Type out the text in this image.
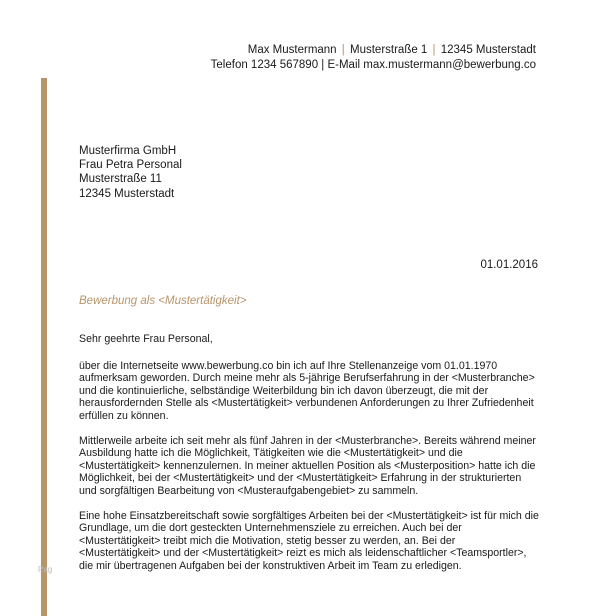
Max Mustermann | Musterstraße 1 | 12345 Musterstadt
Telefon 1234 567890 | E-Mail max.mustermann@bewerbung.co
Musterfirma GmbH
Frau Petra Personal
Musterstraße 11
12345 Musterstadt
01.01.2016
Bewerbung als <Mustertätigkeit>

Sehr geehrte Frau Personal,

über die Internetseite www.bewerbung.co bin ich auf Ihre Stellenanzeige vom 01.01.1970 aufmerksam geworden. Durch meine mehr als 5-jährige Berufserfahrung in der <Musterbranche> und die kontinuierliche, selbständige Weiterbildung bin ich davon überzeugt, die mit der herausfordernden Stelle als <Mustertätigkeit> verbundenen Anforderungen zu Ihrer Zufriedenheit erfüllen zu können.

Mittlerweile arbeite ich seit mehr als fünf Jahren in der <Musterbranche>. Bereits während meiner Ausbildung hatte ich die Möglichkeit, Tätigkeiten wie die <Mustertätigkeit> und die <Mustertätigkeit> kennenzulernen. In meiner aktuellen Position als <Musterposition> hatte ich die Möglichkeit, bei der <Mustertätigkeit> und der <Mustertätigkeit> Erfahrung in der strukturierten und sorgfältigen Bearbeitung von <Musteraufgabengebiet> zu sammeln.

Eine hohe Einsatzbereitschaft sowie sorgfältiges Arbeiten bei der <Mustertätigkeit> ist für mich die Grundlage, um die dort gesteckten Unternehmensziele zu erreichen. Auch bei der <Mustertätigkeit> treibt mich die Motivation, stetig besser zu werden, an. Bei der <Mustertätigkeit> und der <Mustertätigkeit> reizt es mich als leidenschaftlicher <Teamsportler>, die mir übertragenen Aufgaben bei der konstruktiven Arbeit im Team zu erledigen.

Pag
